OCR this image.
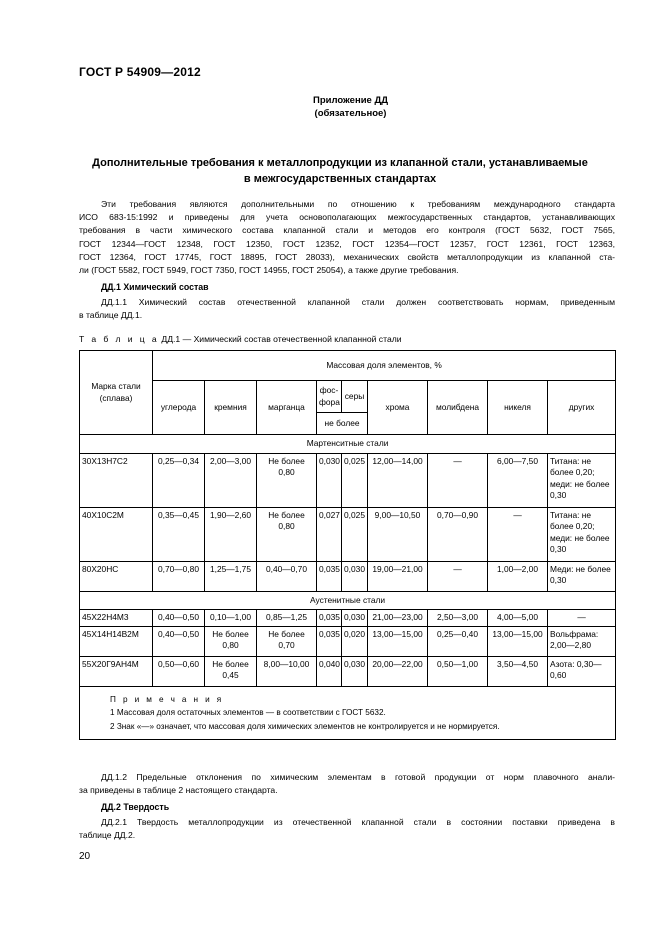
ГОСТ Р 54909—2012
Приложение ДД
(обязательное)
Дополнительные требования к металлопродукции из клапанной стали, устанавливаемые
в межгосударственных стандартах
Эти требования являются дополнительными по отношению к требованиям международного стандарта
ИСО 683-15:1992 и приведены для учета основополагающих межгосударственных стандартов, устанавливающих
требования в части химического состава клапанной стали и методов его контроля (ГОСТ 5632, ГОСТ 7565,
ГОСТ 12344—ГОСТ 12348, ГОСТ 12350, ГОСТ 12352, ГОСТ 12354—ГОСТ 12357, ГОСТ 12361, ГОСТ 12363,
ГОСТ 12364, ГОСТ 17745, ГОСТ 18895, ГОСТ 28033), механических свойств металлопродукции из клапанной ста-
ли (ГОСТ 5582, ГОСТ 5949, ГОСТ 7350, ГОСТ 14955, ГОСТ 25054), а также другие требования.
ДД.1 Химический состав
ДД.1.1 Химический состав отечественной клапанной стали должен соответствовать нормам, приведенным
в таблице ДД.1.
Т а б л и ц а ДД.1 — Химический состав отечественной клапанной стали
Марка стали (сплава)	Массовая доля элементов, %								
	углерода	кремния	марганца	фос-фора	серы	хрома	молибдена	никеля	других
				не более					
Мартенситные стали									
30Х13Н7С2	0,25—0,34	2,00—3,00	Не более 0,80	0,030	0,025	12,00—14,00	—	6,00—7,50	Титана: не более 0,20; меди: не более 0,30
40Х10С2М	0,35—0,45	1,90—2,60	Не более 0,80	0,027	0,025	9,00—10,50	0,70—0,90	—	Титана: не более 0,20; меди: не более 0,30
80Х20НС	0,70—0,80	1,25—1,75	0,40—0,70	0,035	0,030	19,00—21,00	—	1,00—2,00	Меди: не более 0,30
Аустенитные стали									
45Х22Н4М3	0,40—0,50	0,10—1,00	0,85—1,25	0,035	0,030	21,00—23,00	2,50—3,00	4,00—5,00	—
45Х14Н14В2М	0,40—0,50	Не более 0,80	Не более 0,70	0,035	0,020	13,00—15,00	0,25—0,40	13,00—15,00	Вольфрама: 2,00—2,80
55Х20Г9АН4М	0,50—0,60	Не более 0,45	8,00—10,00	0,040	0,030	20,00—22,00	0,50—1,00	3,50—4,50	Азота: 0,30—0,60

П р и м е ч а н и я
1 Массовая доля остаточных элементов — в соответствии с ГОСТ 5632.
2 Знак «—» означает, что массовая доля химических элементов не контролируется и не нормируется.									
ДД.1.2 Предельные отклонения по химическим элементам в готовой продукции от норм плавочного анали-
за приведены в таблице 2 настоящего стандарта.
ДД.2 Твердость
ДД.2.1 Твердость металлопродукции из отечественной клапанной стали в состоянии поставки приведена в
таблице ДД.2.
20
